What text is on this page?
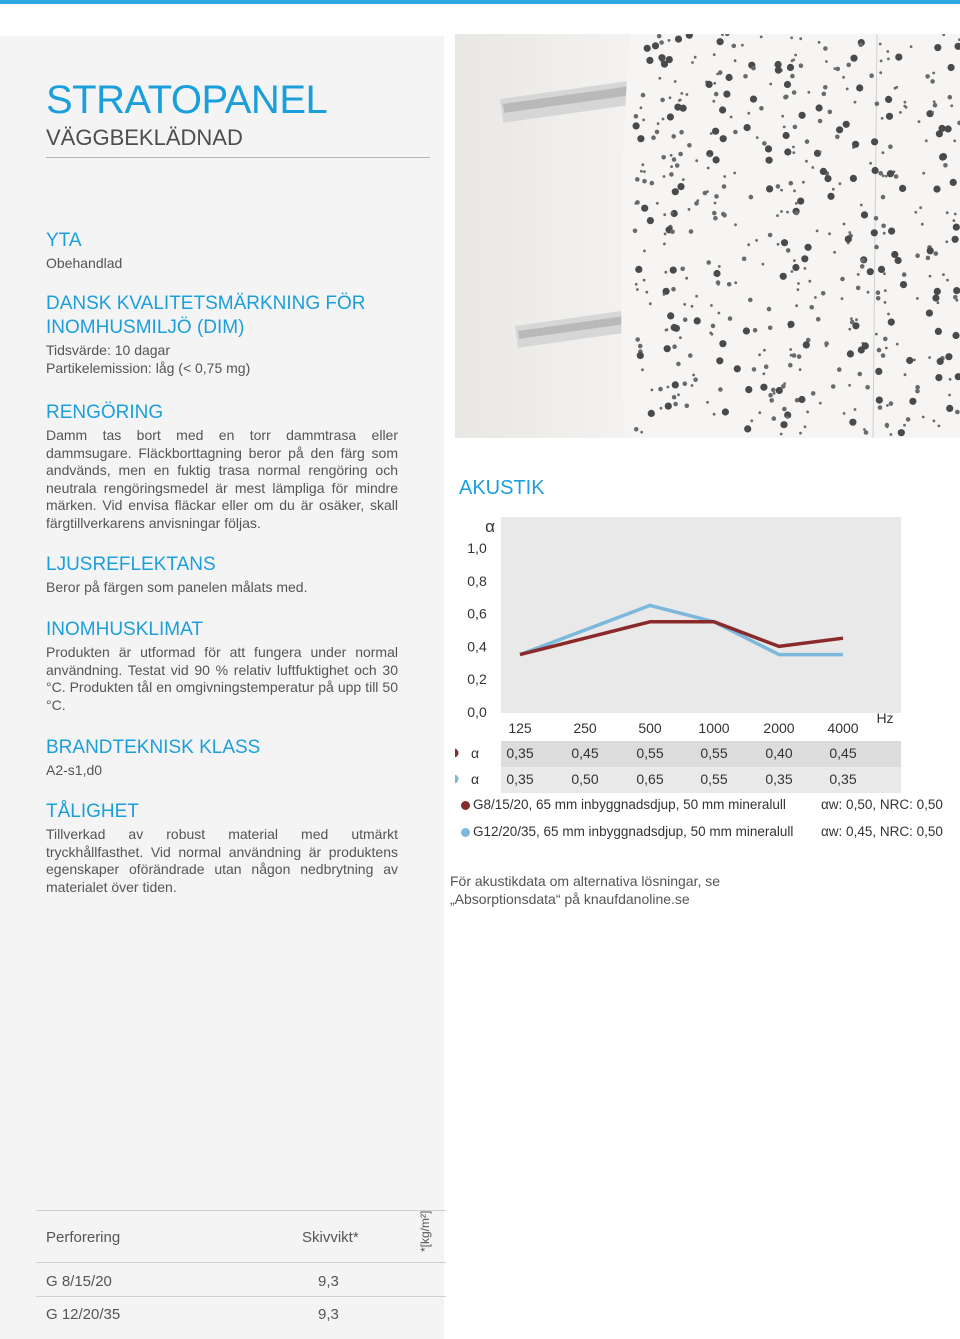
STRATOPANEL
VÄGGBEKLÄDNAD
YTA

Obehandlad

DANSK KVALITETSMÄRKNING FÖR
INOMHUSMILJÖ (DIM)

Tidsvärde: 10 dagar
Partikelemission: låg (< 0,75 mg)

RENGÖRING

Damm tas bort med en torr dammtrasa eller dammsugare. Fläckborttagning beror på den färg som andvänds, men en fuktig trasa normal rengöring och neutrala rengöringsmedel är mest lämpliga för mindre märken. Vid envisa fläckar eller om du är osäker, skall färgtillverkarens anvisningar följas.

LJUSREFLEKTANS

Beror på färgen som panelen målats med.

INOMHUSKLIMAT

Produkten är utformad för att fungera under normal användning. Testat vid 90 % relativ luftfuktighet och 30 °C. Produkten tål en omgivningstemperatur på upp till 50 °C.

BRANDTEKNISK KLASS

A2-s1,d0

TÅLIGHET

Tillverkad av robust material med utmärkt tryckhållfasthet. Vid normal användning är produktens egenskaper oförändrade utan någon nedbrytning av materialet över tiden.

AKUSTIK
α
1,0
0,8
0,6
0,4
0,2
0,0
125	250	500	1000 2000 4000
Hz
α 0,35	0,45	0,55	0,55	0,40	0,45
α 0,35	0,50	0,65	0,55	0,35	0,35
G8/15/20, 65 mm inbyggnadsdjup, 50 mm mineralull	αw: 0,50, NRC: 0,50
G12/20/35, 65 mm inbyggnadsdjup, 50 mm mineralull αw: 0,45, NRC: 0,50
För akustikdata om alternativa lösningar, se
„Absorptionsdata“ på knaufdanoline.se
Perforering	Skivvikt*	*[kg/m²]
G 8/15/20	9,3
G 12/20/35	9,3
